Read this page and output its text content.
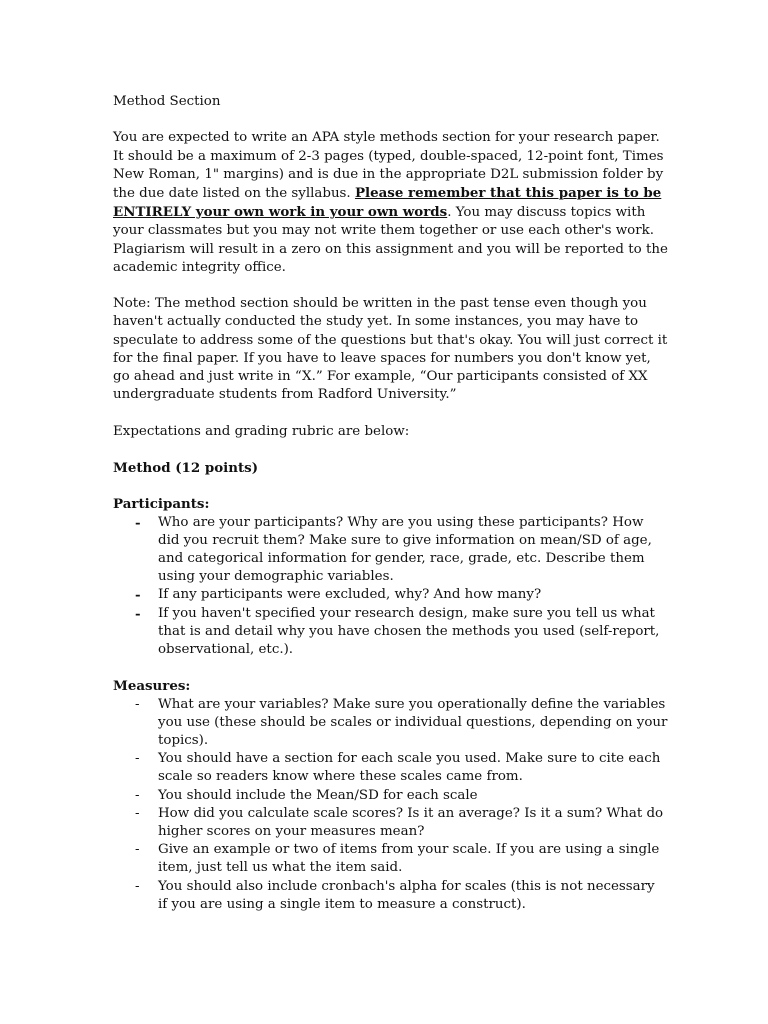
Method Section

You are expected to write an APA style methods section for your research paper. It should be a maximum of 2-3 pages (typed, double-spaced, 12-point font, Times New Roman, 1" margins) and is due in the appropriate D2L submission folder by the due date listed on the syllabus. Please remember that this paper is to be ENTIRELY your own work in your own words. You may discuss topics with your classmates but you may not write them together or use each other's work. Plagiarism will result in a zero on this assignment and you will be reported to the academic integrity office.

Note: The method section should be written in the past tense even though you haven't actually conducted the study yet. In some instances, you may have to speculate to address some of the questions but that's okay. You will just correct it for the final paper. If you have to leave spaces for numbers you don't know yet, go ahead and just write in “X.” For example, “Our participants consisted of XX undergraduate students from Radford University.”

Expectations and grading rubric are below:

Method (12 points)

Participants:

- Who are your participants? Why are you using these participants? How did you recruit them? Make sure to give information on mean/SD of age, and categorical information for gender, race, grade, etc. Describe them using your demographic variables.
- If any participants were excluded, why? And how many?
- If you haven't specified your research design, make sure you tell us what that is and detail why you have chosen the methods you used (self-report, observational, etc.).

Measures:

- What are your variables? Make sure you operationally define the variables you use (these should be scales or individual questions, depending on your topics).
- You should have a section for each scale you used. Make sure to cite each scale so readers know where these scales came from.
- You should include the Mean/SD for each scale
- How did you calculate scale scores? Is it an average? Is it a sum? What do higher scores on your measures mean?
- Give an example or two of items from your scale. If you are using a single item, just tell us what the item said.
- You should also include cronbach's alpha for scales (this is not necessary if you are using a single item to measure a construct).
